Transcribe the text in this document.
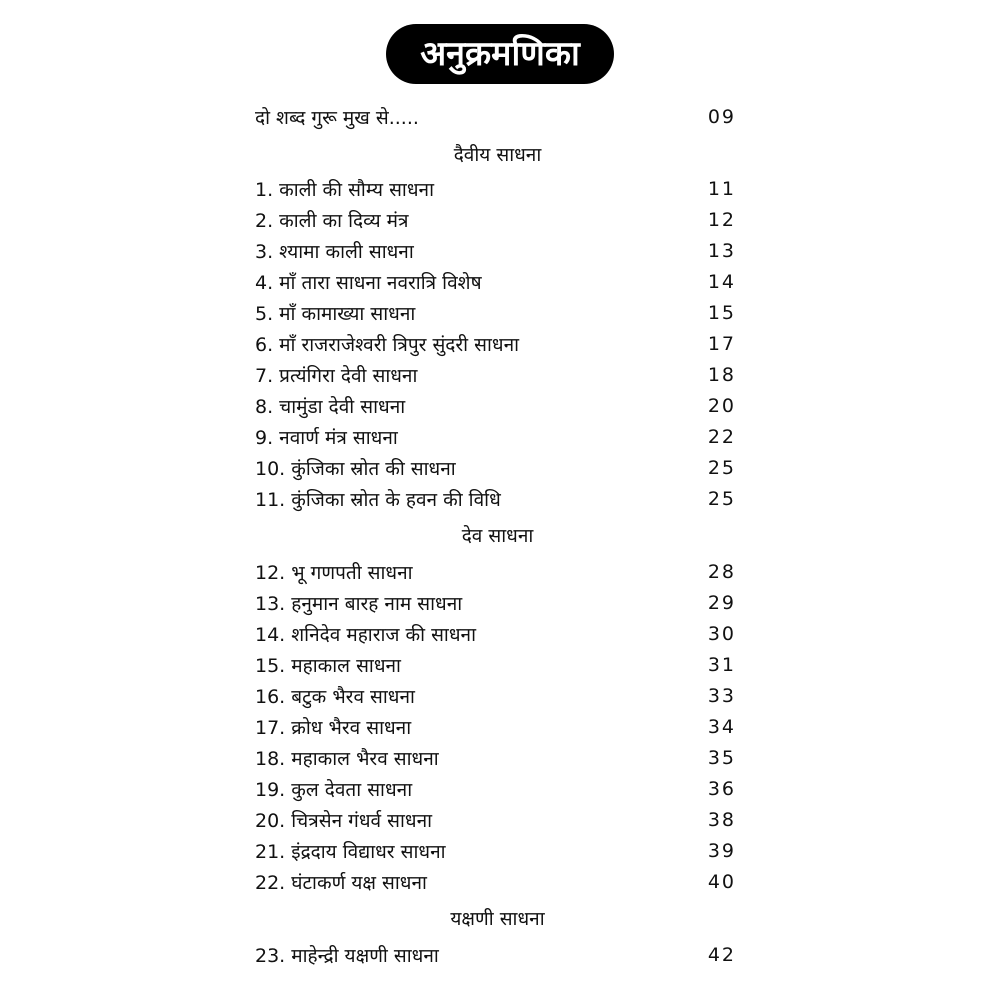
अनुक्रमणिका
दो शब्द गुरू मुख से.....	09
दैवीय साधना
1. काली की सौम्य साधना	11
2. काली का दिव्य मंत्र	12
3. श्यामा काली साधना	13
4. माँ तारा साधना नवरात्रि विशेष	14
5. माँ कामाख्या साधना	15
6. माँ राजराजेश्वरी त्रिपुर सुंदरी साधना	17
7. प्रत्यंगिरा देवी साधना	18
8. चामुंडा देवी साधना	20
9. नवार्ण मंत्र साधना	22
10. कुंजिका स्रोत की साधना	25
11. कुंजिका स्रोत के हवन की विधि	25
देव साधना
12. भू गणपती साधना	28
13. हनुमान बारह नाम साधना	29
14. शनिदेव महाराज की साधना	30
15. महाकाल साधना	31
16. बटुक भैरव साधना	33
17. क्रोध भैरव साधना	34
18. महाकाल भैरव साधना	35
19. कुल देवता साधना	36
20. चित्रसेन गंधर्व साधना	38
21. इंद्रदाय विद्याधर साधना	39
22. घंटाकर्ण यक्ष साधना	40
यक्षणी साधना
23. माहेन्द्री यक्षणी साधना	42
